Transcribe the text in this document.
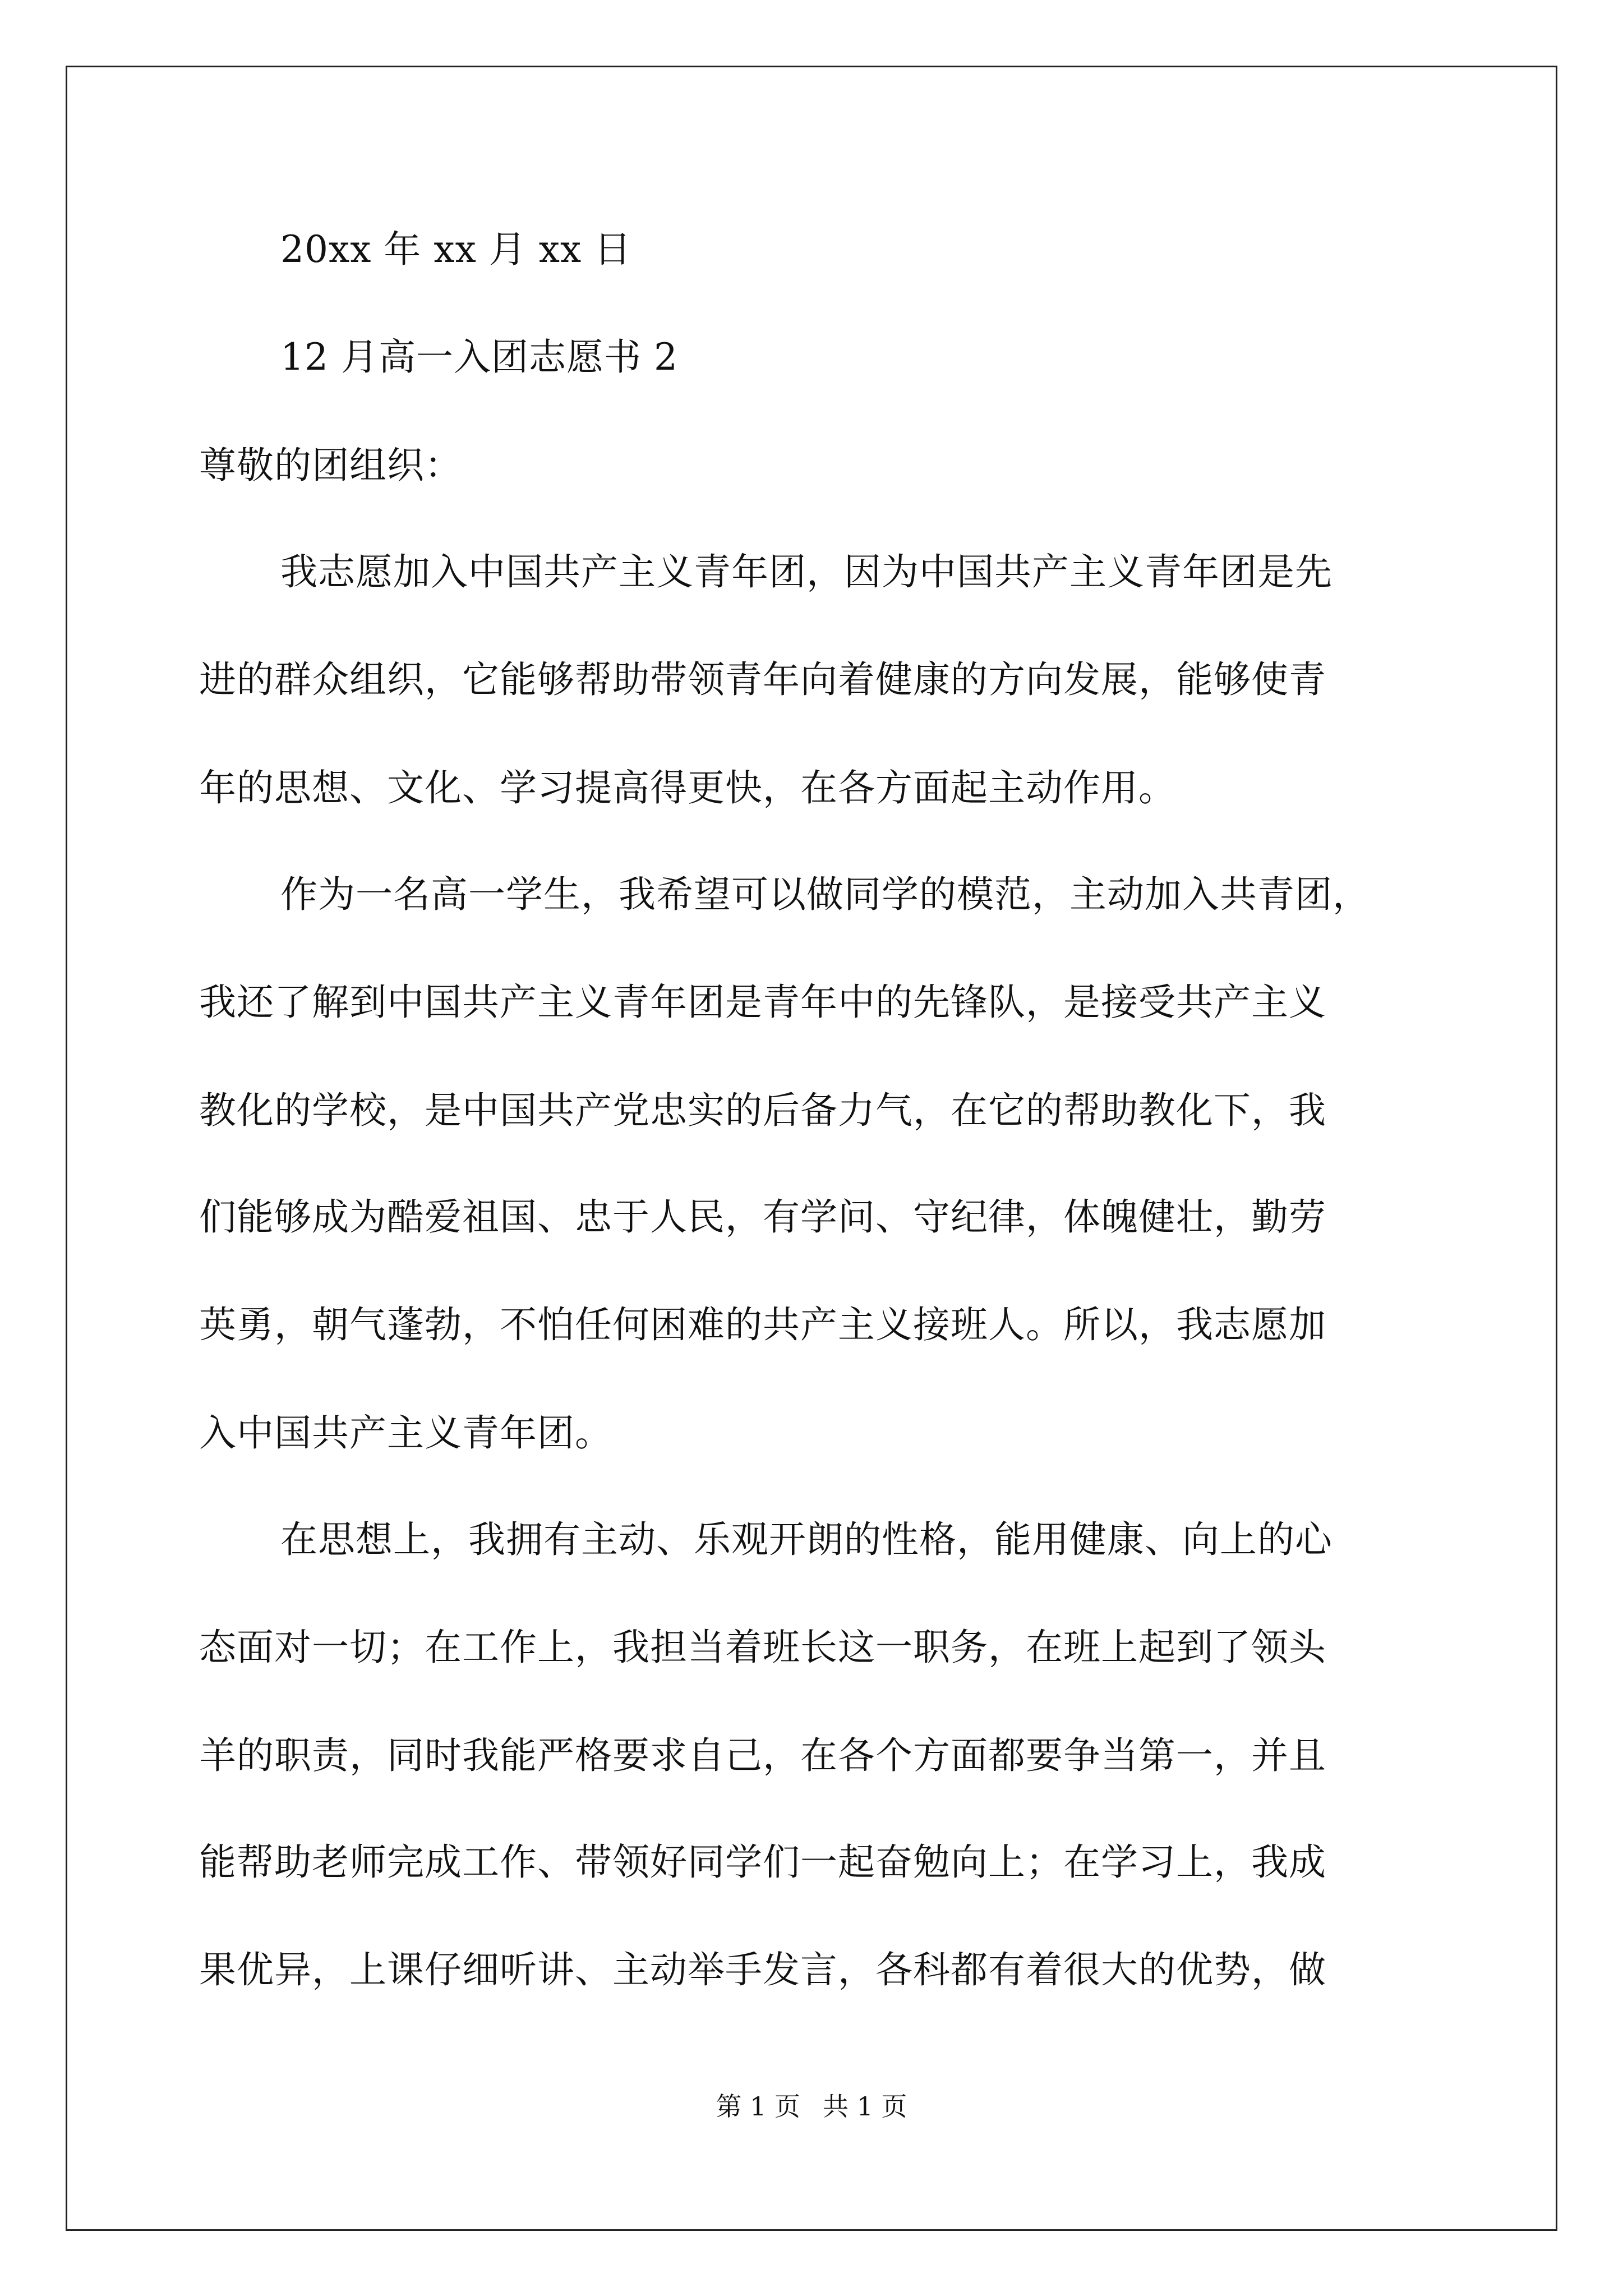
20xx 年 xx 月 xx 日
12 月高一入团志愿书 2
尊敬的团组织：
我志愿加入中国共产主义青年团，因为中国共产主义青年团是先
进的群众组织，它能够帮助带领青年向着健康的方向发展，能够使青
年的思想、文化、学习提高得更快，在各方面起主动作用。
作为一名高一学生，我希望可以做同学的模范，主动加入共青团，
我还了解到中国共产主义青年团是青年中的先锋队，是接受共产主义
教化的学校，是中国共产党忠实的后备力气，在它的帮助教化下，我
们能够成为酷爱祖国、忠于人民，有学问、守纪律，体魄健壮，勤劳
英勇，朝气蓬勃，不怕任何困难的共产主义接班人。所以，我志愿加
入中国共产主义青年团。
在思想上，我拥有主动、乐观开朗的性格，能用健康、向上的心
态面对一切；在工作上，我担当着班长这一职务，在班上起到了领头
羊的职责，同时我能严格要求自己，在各个方面都要争当第一，并且
能帮助老师完成工作、带领好同学们一起奋勉向上；在学习上，我成
果优异，上课仔细听讲、主动举手发言，各科都有着很大的优势，做
第 1 页 共 1 页
